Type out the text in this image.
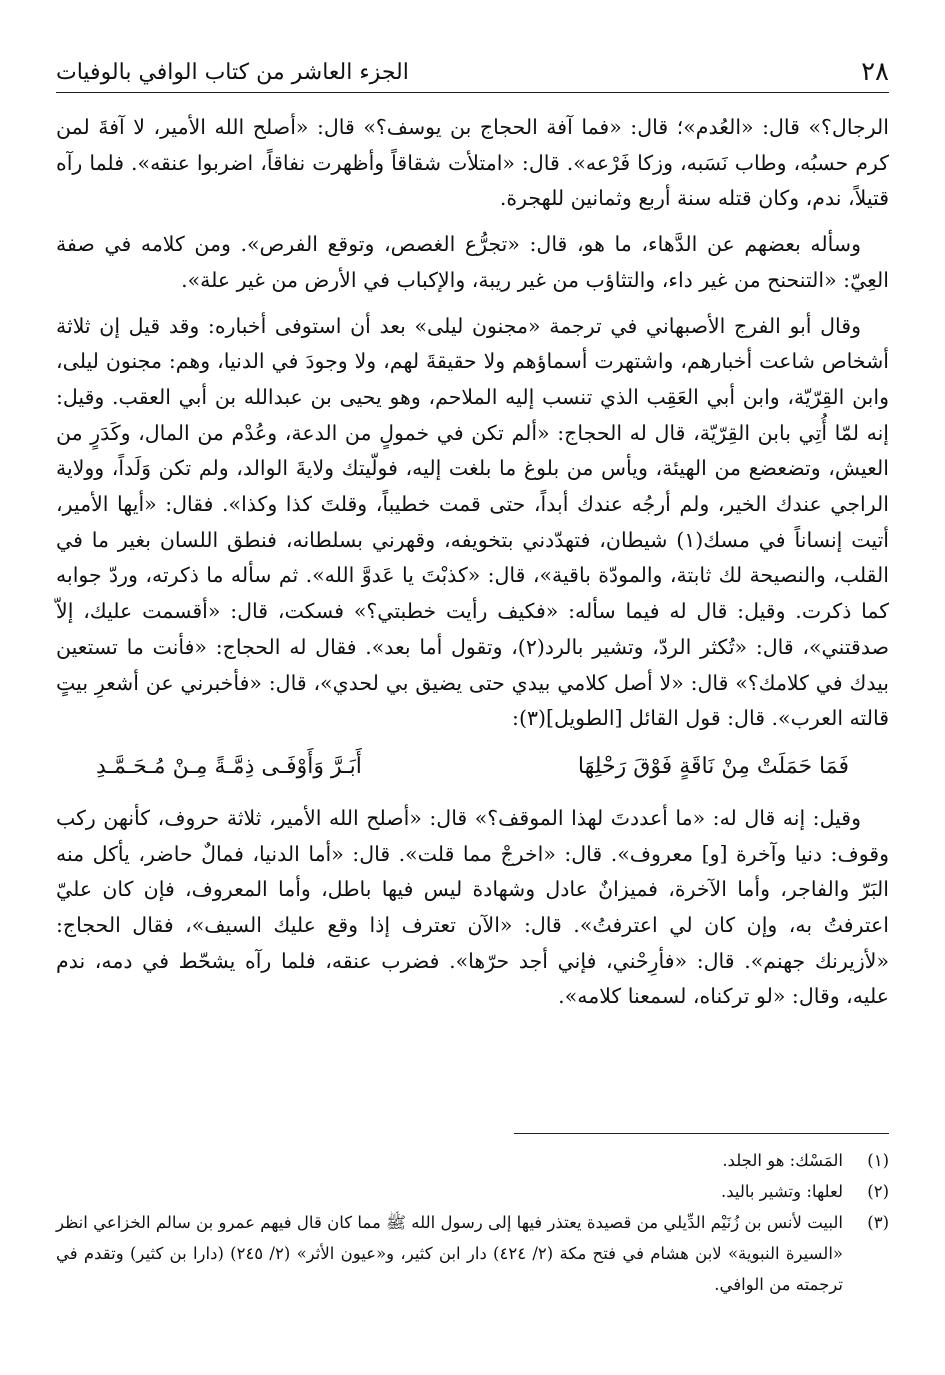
٢٨
الجزء العاشر من كتاب الوافي بالوفيات

الرجال؟» قال: «العُدم»؛ قال: «فما آفة الحجاج بن يوسف؟» قال: «أصلح الله الأمير، لا آفةَ لمن كرم حسبُه، وطاب نَسَبه، وزكا فَرْعه». قال: «امتلأت شقاقاً وأظهرت نفاقاً، اضربوا عنقه». فلما رآه قتيلاً، ندم، وكان قتله سنة أربع وثمانين للهجرة.

وسأله بعضهم عن الدَّهاء، ما هو، قال: «تجرُّع الغصص، وتوقع الفرص». ومن كلامه في صفة العِيّ: «التنحنح من غير داء، والتثاؤب من غير ريبة، والإكباب في الأرض من غير علة».

وقال أبو الفرج الأصبهاني في ترجمة «مجنون ليلى» بعد أن استوفى أخباره: وقد قيل إن ثلاثة أشخاص شاعت أخبارهم، واشتهرت أسماؤهم ولا حقيقةَ لهم، ولا وجودَ في الدنيا، وهم: مجنون ليلى، وابن القِرّيّة، وابن أبي العَقِب الذي تنسب إليه الملاحم، وهو يحيى بن عبدالله بن أبي العقب. وقيل: إنه لمّا أُتِي بابن القِرّيّة، قال له الحجاج: «ألم تكن في خمولٍ من الدعة، وعُدْم من المال، وكَدَرٍ من العيش، وتضعضع من الهيئة، ويأس من بلوغ ما بلغت إليه، فولّيتك ولايةَ الوالد، ولم تكن وَلَداً، وولاية الراجي عندك الخير، ولم أرجُه عندك أبداً، حتى قمت خطيباً، وقلتَ كذا وكذا». فقال: «أيها الأمير، أتيت إنساناً في مسك(١) شيطان، فتهدّدني بتخويفه، وقهرني بسلطانه، فنطق اللسان بغير ما في القلب، والنصيحة لك ثابتة، والمودّة باقية»، قال: «كذبْتَ يا عَدوَّ الله». ثم سأله ما ذكرته، وردّ جوابه كما ذكرت. وقيل: قال له فيما سأله: «فكيف رأيت خطبتي؟» فسكت، قال: «أقسمت عليك، إلاّ صدقتني»، قال: «تُكثر الردّ، وتشير بالرد(٢)، وتقول أما بعد». فقال له الحجاج: «فأنت ما تستعين بيدك في كلامك؟» قال: «لا أصل كلامي بيدي حتى يضيق بي لحدي»، قال: «فأخبرني عن أشعرِ بيتٍ قالته العرب». قال: قول القائل [الطويل](٣):

فَمَا حَمَلَتْ مِنْ نَاقَةٍ فَوْقَ رَحْلِهَا
أَبَـرَّ وَأَوْفَـى ذِمَّـةً مِـنْ مُـحَـمَّـدِ

وقيل: إنه قال له: «ما أعددتَ لهذا الموقف؟» قال: «أصلح الله الأمير، ثلاثة حروف، كأنهن ركب وقوف: دنيا وآخرة [و] معروف». قال: «اخرجْ مما قلت». قال: «أما الدنيا، فمالٌ حاضر، يأكل منه البَرّ والفاجر، وأما الآخرة، فميزانٌ عادل وشهادة ليس فيها باطل، وأما المعروف، فإن كان عليّ اعترفتُ به، وإن كان لي اعترفتُ». قال: «الآن تعترف إذا وقع عليك السيف»، فقال الحجاج: «لأزيرنك جهنم». قال: «فأرِحْني، فإني أجد حرّها». فضرب عنقه، فلما رآه يشحّط في دمه، ندم عليه، وقال: «لو تركناه، لسمعنا كلامه».

(١)
المَسْك: هو الجلد.
(٢)
لعلها: وتشير باليد.
(٣)
البيت لأنس بن زُنَيْم الدِّيلي من قصيدة يعتذر فيها إلى رسول الله ﷺ مما كان قال فيهم عمرو بن سالم الخزاعي انظر «السيرة النبوية» لابن هشام في فتح مكة (٢/ ٤٢٤) دار ابن كثير، و«عيون الأثر» (٢/ ٢٤٥) (دارا بن كثير) وتقدم في ترجمته من الوافي.
